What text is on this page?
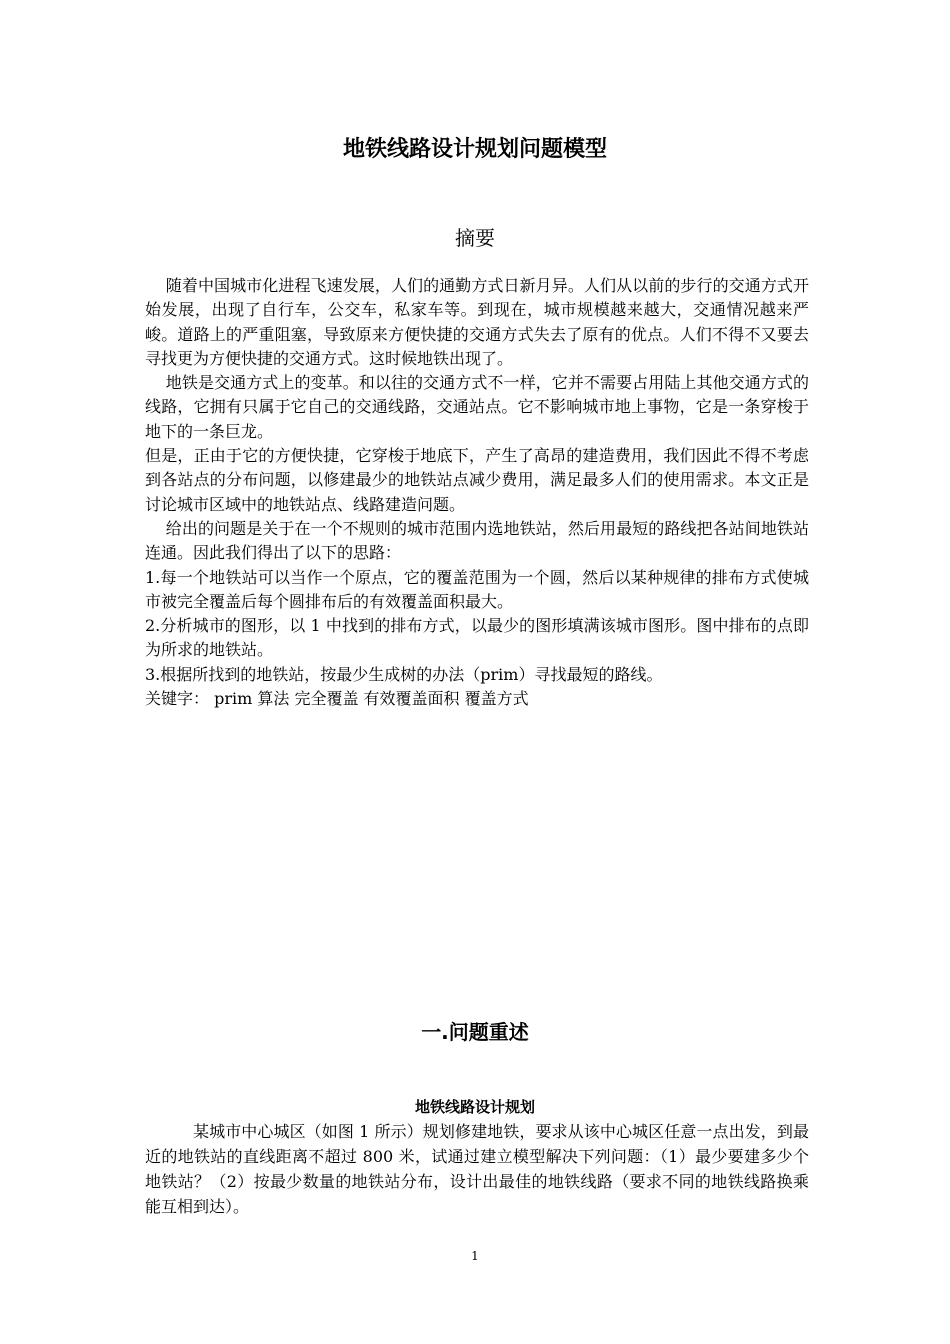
地铁线路设计规划问题模型
摘要

随着中国城市化进程飞速发展，人们的通勤方式日新月异。人们从以前的步行的交通方式开始发展，出现了自行车，公交车，私家车等。到现在，城市规模越来越大，交通情况越来严峻。道路上的严重阻塞，导致原来方便快捷的交通方式失去了原有的优点。人们不得不又要去寻找更为方便快捷的交通方式。这时候地铁出现了。

地铁是交通方式上的变革。和以往的交通方式不一样，它并不需要占用陆上其他交通方式的线路，它拥有只属于它自己的交通线路，交通站点。它不影响城市地上事物，它是一条穿梭于地下的一条巨龙。

但是，正由于它的方便快捷，它穿梭于地底下，产生了高昂的建造费用，我们因此不得不考虑到各站点的分布问题，以修建最少的地铁站点减少费用，满足最多人们的使用需求。本文正是讨论城市区域中的地铁站点、线路建造问题。

给出的问题是关于在一个不规则的城市范围内选地铁站，然后用最短的路线把各站间地铁站连通。因此我们得出了以下的思路：

1.每一个地铁站可以当作一个原点，它的覆盖范围为一个圆，然后以某种规律的排布方式使城市被完全覆盖后每个圆排布后的有效覆盖面积最大。

2.分析城市的图形，以 1 中找到的排布方式，以最少的图形填满该城市图形。图中排布的点即为所求的地铁站。

3.根据所找到的地铁站，按最少生成树的办法（prim）寻找最短的路线。

关键字： prim 算法 完全覆盖 有效覆盖面积 覆盖方式

一.问题重述
地铁线路设计规划

某城市中心城区（如图 1 所示）规划修建地铁，要求从该中心城区任意一点出发，到最近的地铁站的直线距离不超过 800 米，试通过建立模型解决下列问题：（1）最少要建多少个地铁站？（2）按最少数量的地铁站分布，设计出最佳的地铁线路（要求不同的地铁线路换乘能互相到达）。

1
